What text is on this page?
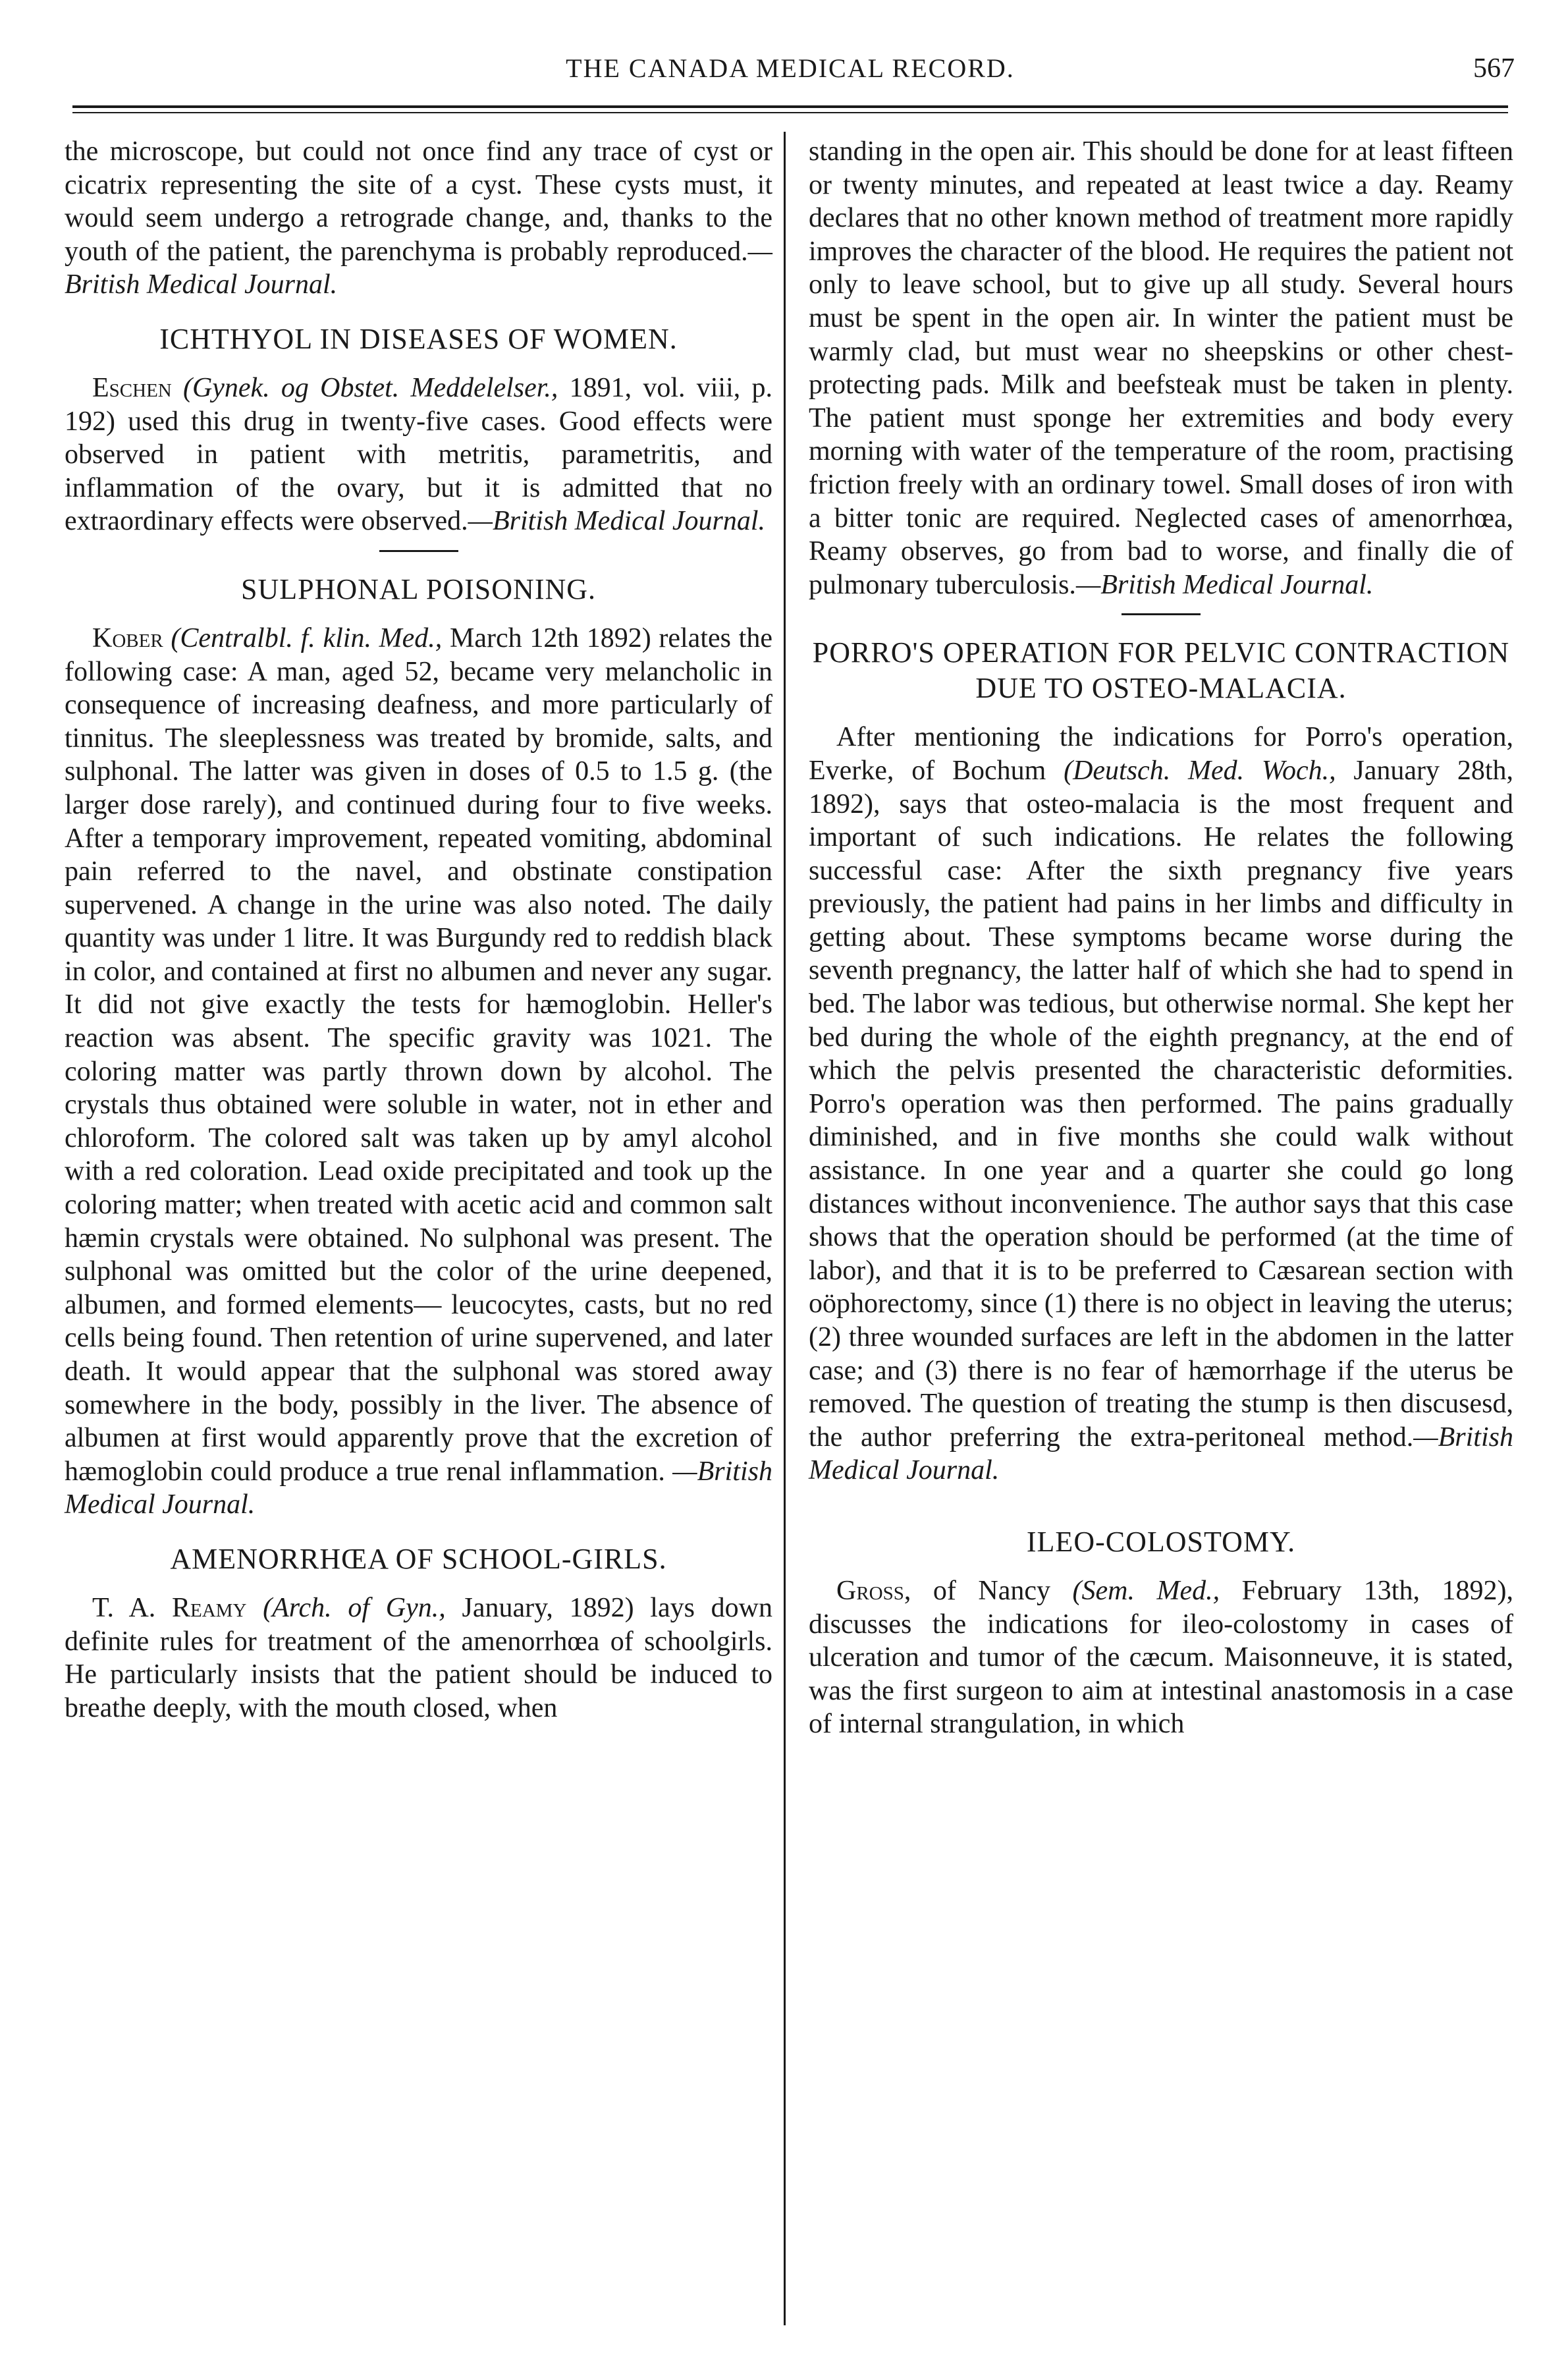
THE CANADA MEDICAL RECORD.	567

the microscope, but could not once find any trace of cyst or cicatrix representing the site of a cyst. These cysts must, it would seem undergo a retrograde change, and, thanks to the youth of the patient, the parenchyma is probably reproduced.—British Medical Journal.

ICHTHYOL IN DISEASES OF WOMEN.

Eschen (Gynek. og Obstet. Meddelelser., 1891, vol. viii, p. 192) used this drug in twenty-five cases. Good effects were observed in patient with metritis, parametritis, and inflammation of the ovary, but it is admitted that no extraordinary effects were observed.—British Medical Journal.

SULPHONAL POISONING.

Kober (Centralbl. f. klin. Med., March 12th 1892) relates the following case: A man, aged 52, became very melancholic in consequence of increasing deafness, and more particularly of tinnitus. The sleeplessness was treated by bromide, salts, and sulphonal. The latter was given in doses of 0.5 to 1.5 g. (the larger dose rarely), and continued during four to five weeks. After a temporary improvement, repeated vomiting, abdominal pain referred to the navel, and obstinate constipation supervened. A change in the urine was also noted. The daily quantity was under 1 litre. It was Burgundy red to reddish black in color, and contained at first no albumen and never any sugar. It did not give exactly the tests for hæmoglobin. Heller's reaction was absent. The specific gravity was 1021. The coloring matter was partly thrown down by alcohol. The crystals thus obtained were soluble in water, not in ether and chloroform. The colored salt was taken up by amyl alcohol with a red coloration. Lead oxide precipitated and took up the coloring matter; when treated with acetic acid and common salt hæmin crystals were obtained. No sulphonal was present. The sulphonal was omitted but the color of the urine deepened, albumen, and formed elements— leucocytes, casts, but no red cells being found. Then retention of urine supervened, and later death. It would appear that the sulphonal was stored away somewhere in the body, possibly in the liver. The absence of albumen at first would apparently prove that the excretion of hæmoglobin could produce a true renal inflammation. —British Medical Journal.

AMENORRHŒA OF SCHOOL-GIRLS.

T. A. Reamy (Arch. of Gyn., January, 1892) lays down definite rules for treatment of the amenorrhœa of schoolgirls. He particularly insists that the patient should be induced to breathe deeply, with the mouth closed, when

standing in the open air. This should be done for at least fifteen or twenty minutes, and repeated at least twice a day. Reamy declares that no other known method of treatment more rapidly improves the character of the blood. He requires the patient not only to leave school, but to give up all study. Several hours must be spent in the open air. In winter the patient must be warmly clad, but must wear no sheepskins or other chest-protecting pads. Milk and beefsteak must be taken in plenty. The patient must sponge her extremities and body every morning with water of the temperature of the room, practising friction freely with an ordinary towel. Small doses of iron with a bitter tonic are required. Neglected cases of amenorrhœa, Reamy observes, go from bad to worse, and finally die of pulmonary tuberculosis.—British Medical Journal.

PORRO'S OPERATION FOR PELVIC CONTRACTION DUE TO OSTEO-MALACIA.

After mentioning the indications for Porro's operation, Everke, of Bochum (Deutsch. Med. Woch., January 28th, 1892), says that osteo-malacia is the most frequent and important of such indications. He relates the following successful case: After the sixth pregnancy five years previously, the patient had pains in her limbs and difficulty in getting about. These symptoms became worse during the seventh pregnancy, the latter half of which she had to spend in bed. The labor was tedious, but otherwise normal. She kept her bed during the whole of the eighth pregnancy, at the end of which the pelvis presented the characteristic deformities. Porro's operation was then performed. The pains gradually diminished, and in five months she could walk without assistance. In one year and a quarter she could go long distances without inconvenience. The author says that this case shows that the operation should be performed (at the time of labor), and that it is to be preferred to Cæsarean section with oöphorectomy, since (1) there is no object in leaving the uterus; (2) three wounded surfaces are left in the abdomen in the latter case; and (3) there is no fear of hæmorrhage if the uterus be removed. The question of treating the stump is then discusesd, the author preferring the extra-peritoneal method.—British Medical Journal.

ILEO-COLOSTOMY.

Gross, of Nancy (Sem. Med., February 13th, 1892), discusses the indications for ileo-colostomy in cases of ulceration and tumor of the cæcum. Maisonneuve, it is stated, was the first surgeon to aim at intestinal anastomosis in a case of internal strangulation, in which
